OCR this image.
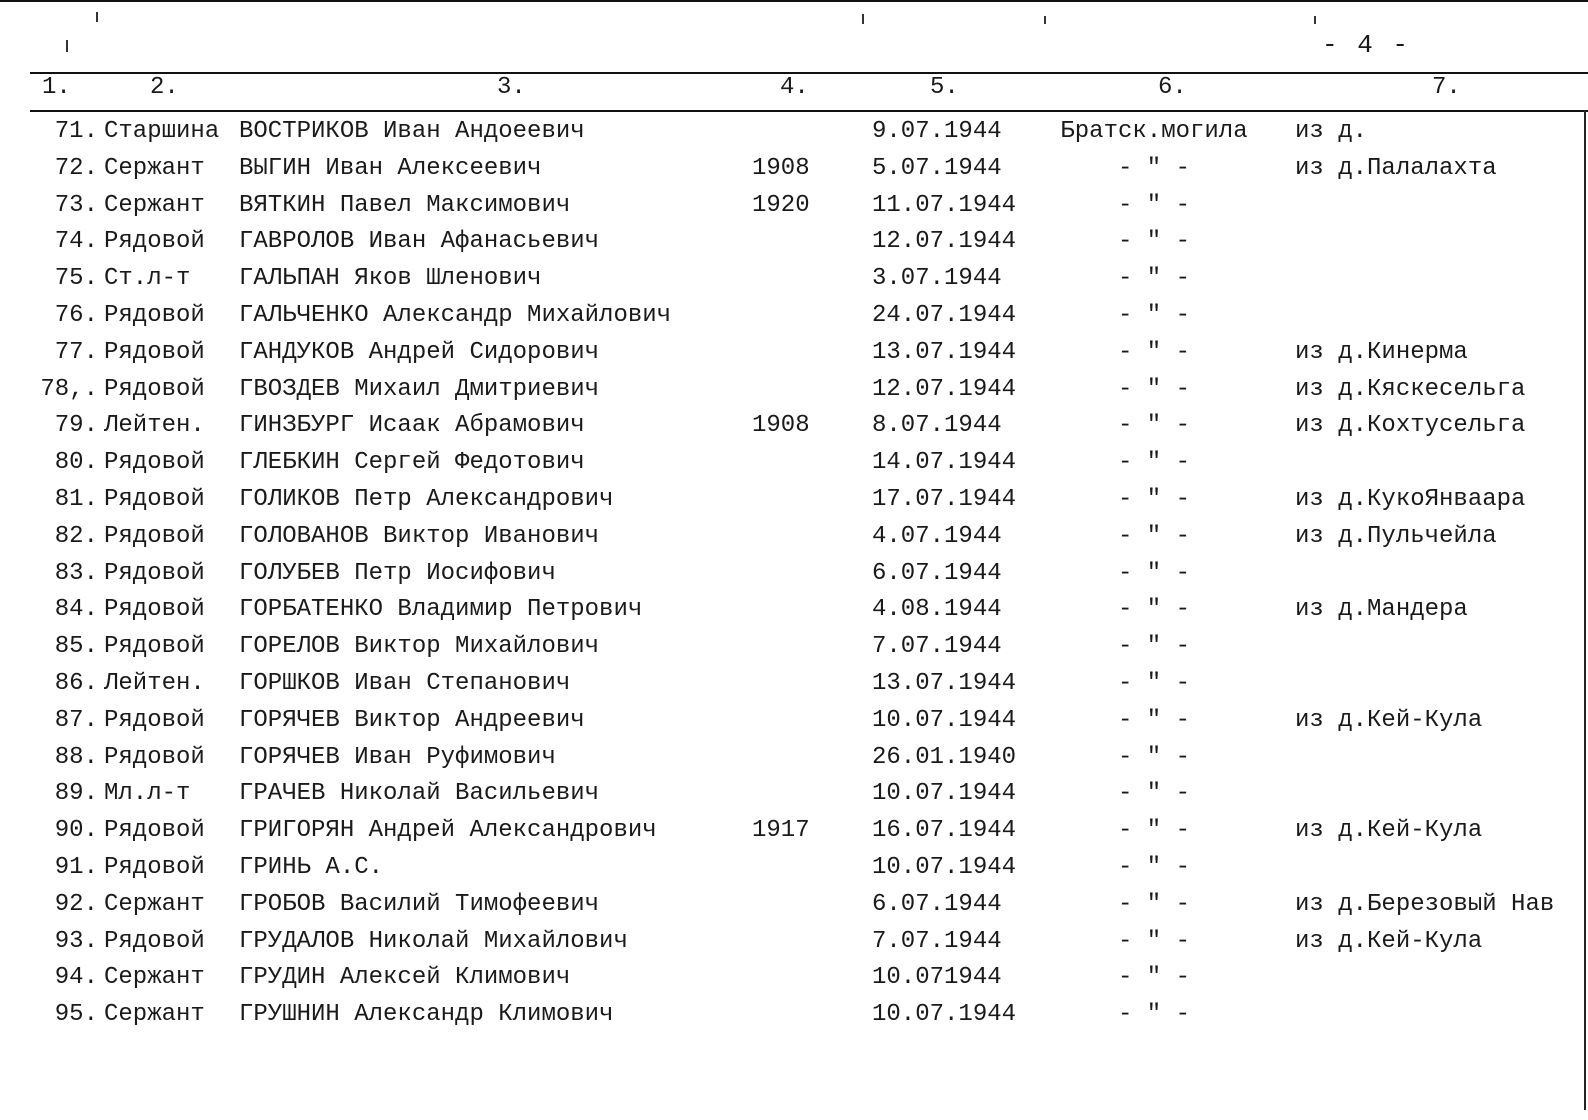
- 4 -
1.	2.	3.	4.	5.	6.	7.
71. Старшина ВОСТРИКОВ Иван Андоеевич	9.07.1944 Братск.могила из д.
72. Сержант ВЫГИН Иван Алексеевич	1908	5.07.1944	- " -	из д.Палалахта
73. Сержант ВЯТКИН Павел Максимович	1920	11.07.1944	- " -
74. Рядовой ГАВРОЛОВ Иван Афанасьевич	12.07.1944	- " -
75. Ст.л-т ГАЛЬПАН Яков Шленович	3.07.1944	- " -
76. Рядовой ГАЛЬЧЕНКО Александр Михайлович	24.07.1944	- " -
77. Рядовой ГАНДУКОВ Андрей Сидорович	13.07.1944	- " -	из д.Кинерма
78,. Рядовой ГВОЗДЕВ Михаил Дмитриевич	12.07.1944	- " -	из д.Кяскесельга
79. Лейтен. ГИНЗБУРГ Исаак Абрамович	1908	8.07.1944	- " -	из д.Кохтусельга
80. Рядовой ГЛЕБКИН Сергей Федотович	14.07.1944	- " -
81. Рядовой ГОЛИКОВ Петр Александрович	17.07.1944	- " -	из д.КукоЯнваара
82. Рядовой ГОЛОВАНОВ Виктор Иванович	4.07.1944	- " -	из д.Пульчейла
83. Рядовой ГОЛУБЕВ Петр Иосифович	6.07.1944	- " -
84. Рядовой ГОРБАТЕНКО Владимир Петрович	4.08.1944	- " -	из д.Мандера
85. Рядовой ГОРЕЛОВ Виктор Михайлович	7.07.1944	- " -
86. Лейтен. ГОРШКОВ Иван Степанович	13.07.1944	- " -
87. Рядовой ГОРЯЧЕВ Виктор Андреевич	10.07.1944	- " -	из д.Кей-Кула
88. Рядовой ГОРЯЧЕВ Иван Руфимович	26.01.1940	- " -
89. Мл.л-т ГРАЧЕВ Николай Васильевич	10.07.1944	- " -
90. Рядовой ГРИГОРЯН Андрей Александрович	1917	16.07.1944	- " -	из д.Кей-Кула
91. Рядовой ГРИНЬ А.С.	10.07.1944	- " -
92. Сержант ГРОБОВ Василий Тимофеевич	6.07.1944	- " -	из д.Березовый Нав
93. Рядовой ГРУДАЛОВ Николай Михайлович	7.07.1944	- " -	из д.Кей-Кула
94. Сержант ГРУДИН Алексей Климович	10.071944	- " -
95. Сержант ГРУШНИН Александр Климович	10.07.1944	- " -
